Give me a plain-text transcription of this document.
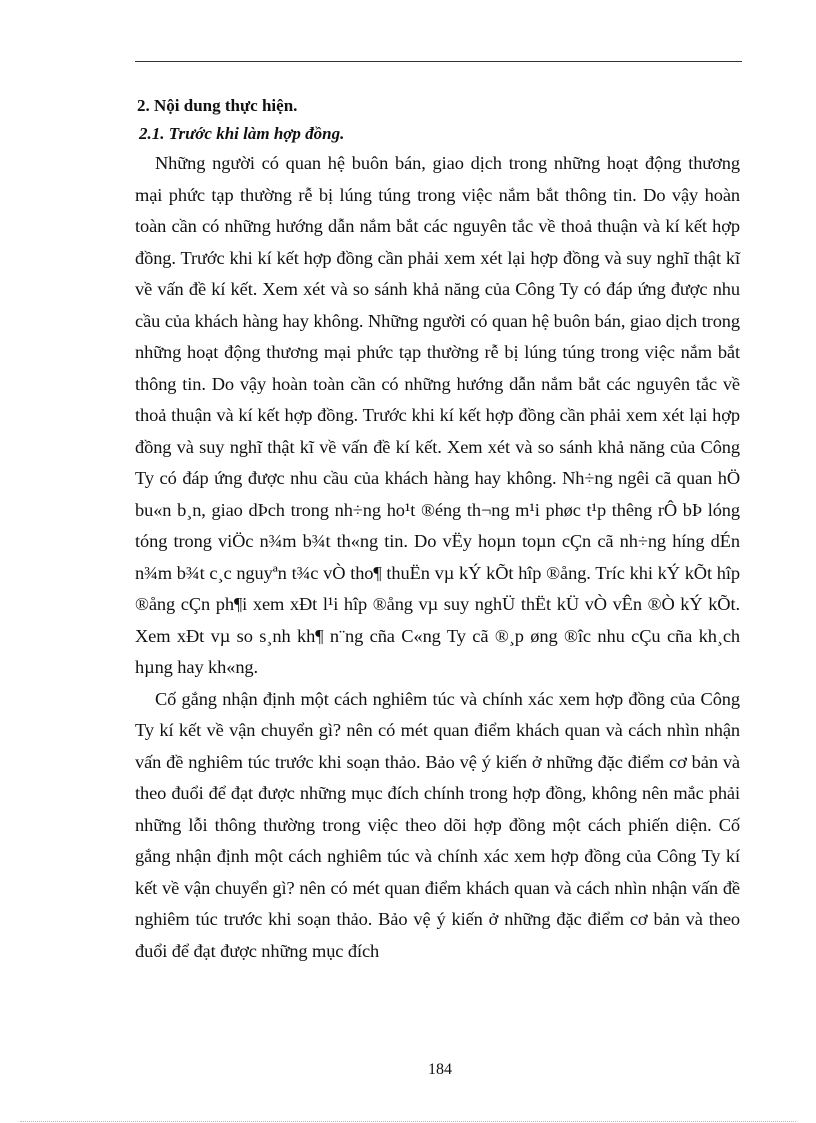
2. Nội dung thực hiện.
2.1. Trước khi làm hợp đồng.

Những người có quan hệ buôn bán, giao dịch trong những hoạt động thương mại phức tạp thường rễ bị lúng túng trong việc nắm bắt thông tin. Do vậy hoàn toàn cần có những hướng dẫn nắm bắt các nguyên tắc về thoả thuận và kí kết hợp đồng. Trước khi kí kết hợp đồng cần phải xem xét lại hợp đồng và suy nghĩ thật kĩ về vấn đề kí kết. Xem xét và so sánh khả năng của Công Ty có đáp ứng được nhu cầu của khách hàng hay không. Những người có quan hệ buôn bán, giao dịch trong những hoạt động thương mại phức tạp thường rễ bị lúng túng trong việc nắm bắt thông tin. Do vậy hoàn toàn cần có những hướng dẫn nắm bắt các nguyên tắc về thoả thuận và kí kết hợp đồng. Trước khi kí kết hợp đồng cần phải xem xét lại hợp đồng và suy nghĩ thật kĩ về vấn đề kí kết. Xem xét và so sánh khả năng của Công Ty có đáp ứng được nhu cầu của khách hàng hay không. Nh÷ng ngêi cã quan hÖ bu«n b¸n, giao dÞch trong nh÷ng ho¹t ®éng th¬ng m¹i phøc t¹p thêng rÔ bÞ lóng tóng trong viÖc n¾m b¾t th«ng tin. Do vËy hoµn toµn cÇn cã nh÷ng híng dÉn n¾m b¾t c¸c nguyªn t¾c vÒ tho¶ thuËn vµ kÝ kÕt hîp ®ång. Tríc khi kÝ kÕt hîp ®ång cÇn ph¶i xem xÐt l¹i hîp ®ång vµ suy nghÜ thËt kÜ vÒ vÊn ®Ò kÝ kÕt. Xem xÐt vµ so s¸nh kh¶ n¨ng cña C«ng Ty cã ®¸p øng ®îc nhu cÇu cña kh¸ch hµng hay kh«ng.

Cố gắng nhận định một cách nghiêm túc và chính xác xem hợp đồng của Công Ty kí kết về vận chuyển gì? nên có mét quan điểm khách quan và cách nhìn nhận vấn đề nghiêm túc trước khi soạn thảo. Bảo vệ ý kiến ở những đặc điểm cơ bản và theo đuổi để đạt được những mục đích chính trong hợp đồng, không nên mắc phải những lỗi thông thường trong việc theo dõi hợp đồng một cách phiến diện. Cố gắng nhận định một cách nghiêm túc và chính xác xem hợp đồng của Công Ty kí kết về vận chuyển gì? nên có mét quan điểm khách quan và cách nhìn nhận vấn đề nghiêm túc trước khi soạn thảo. Bảo vệ ý kiến ở những đặc điểm cơ bản và theo đuổi để đạt được những mục đích

184
